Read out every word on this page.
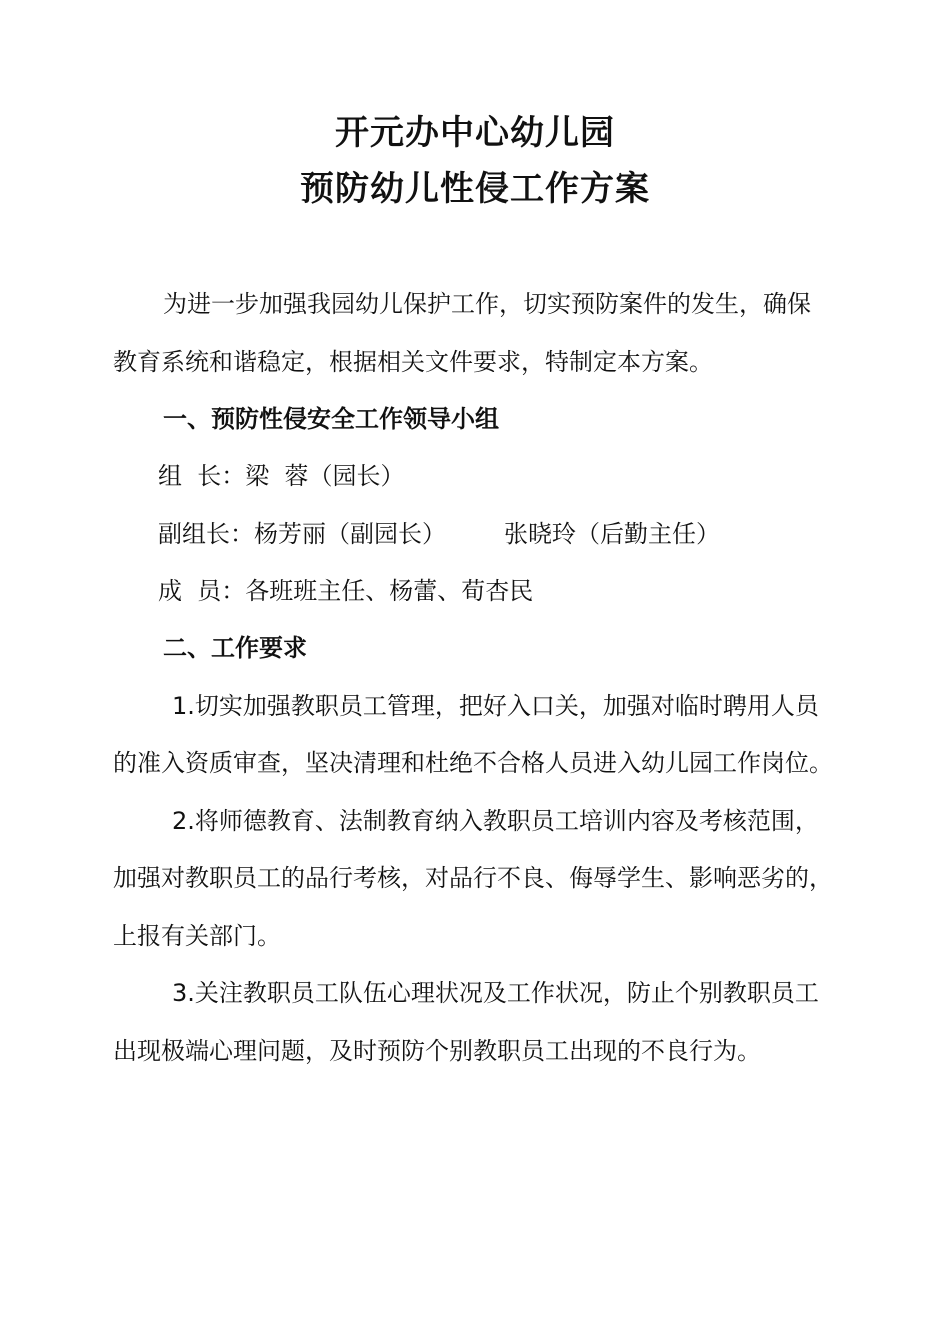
开元办中心幼儿园
预防幼儿性侵工作方案
为进一步加强我园幼儿保护工作，切实预防案件的发生，确保
教育系统和谐稳定，根据相关文件要求，特制定本方案。
一、预防性侵安全工作领导小组
组  长：梁  蓉（园长）
副组长：杨芳丽（副园长） 张晓玲（后勤主任）
成  员：各班班主任、杨蕾、荀杏民
二、工作要求
1.切实加强教职员工管理，把好入口关，加强对临时聘用人员
的准入资质审查，坚决清理和杜绝不合格人员进入幼儿园工作岗位。
2.将师德教育、法制教育纳入教职员工培训内容及考核范围，
加强对教职员工的品行考核，对品行不良、侮辱学生、影响恶劣的，
上报有关部门。
3.关注教职员工队伍心理状况及工作状况，防止个别教职员工
出现极端心理问题，及时预防个别教职员工出现的不良行为。
